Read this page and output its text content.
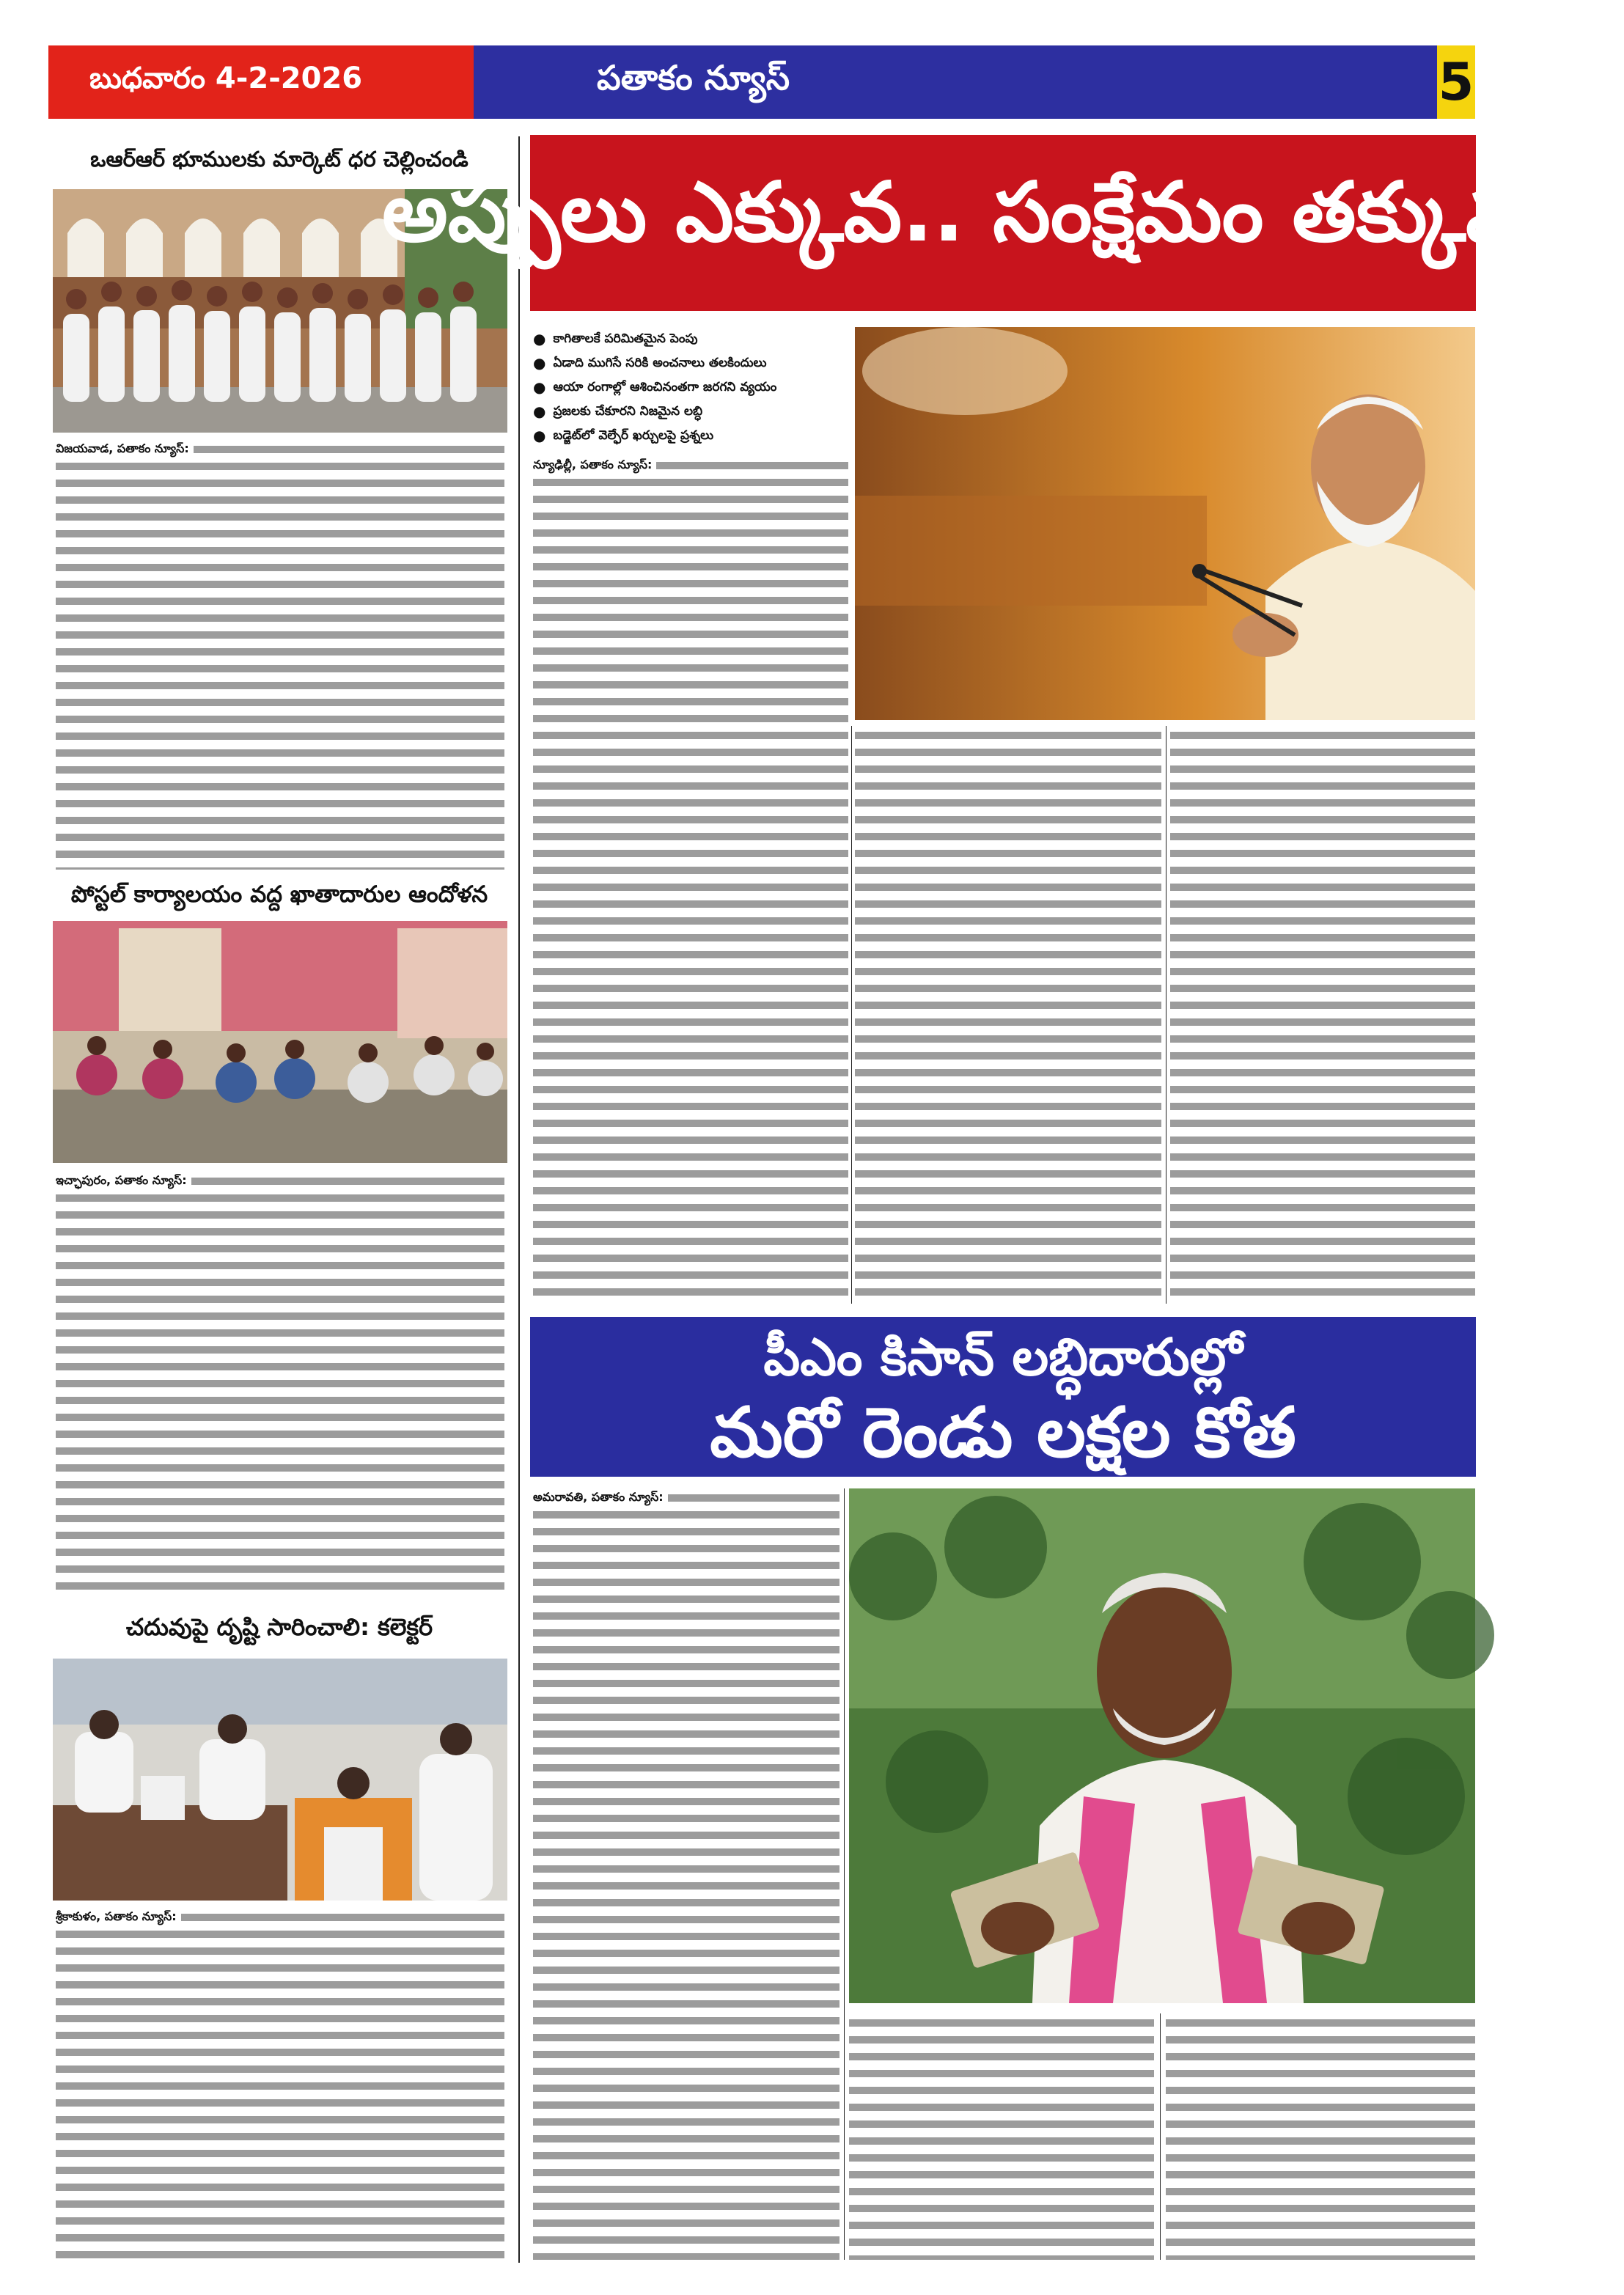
బుధవారం 4-2-2026	పతాకం న్యూస్	5
ఒఆర్ఆర్ భూములకు మార్కెట్ ధర చెల్లించండి
విజయవాడ, పతాకం న్యూస్:
పోస్టల్ కార్యాలయం వద్ద ఖాతాదారుల ఆందోళన
ఇచ్ఛాపురం, పతాకం న్యూస్:
చదువుపై దృష్టి సారించాలి: కలెక్టర్
శ్రీకాకుళం, పతాకం న్యూస్:
అప్పులు ఎక్కువ.. సంక్షేమం తక్కువ..!
● కాగితాలకే పరిమితమైన పెంపు
● ఏడాది ముగిసే సరికి అంచనాలు తలకిందులు
● ఆయా రంగాల్లో ఆశించినంతగా జరగని వ్యయం
● ప్రజలకు చేకూరని నిజమైన లబ్ధి
● బడ్జెట్‌లో వెల్ఫేర్ ఖర్చులపై ప్రశ్నలు
న్యూఢిల్లీ, పతాకం న్యూస్:
పీఎం కిసాన్ లబ్ధిదారుల్లో
మరో రెండు లక్షల కోత
అమరావతి, పతాకం న్యూస్:
